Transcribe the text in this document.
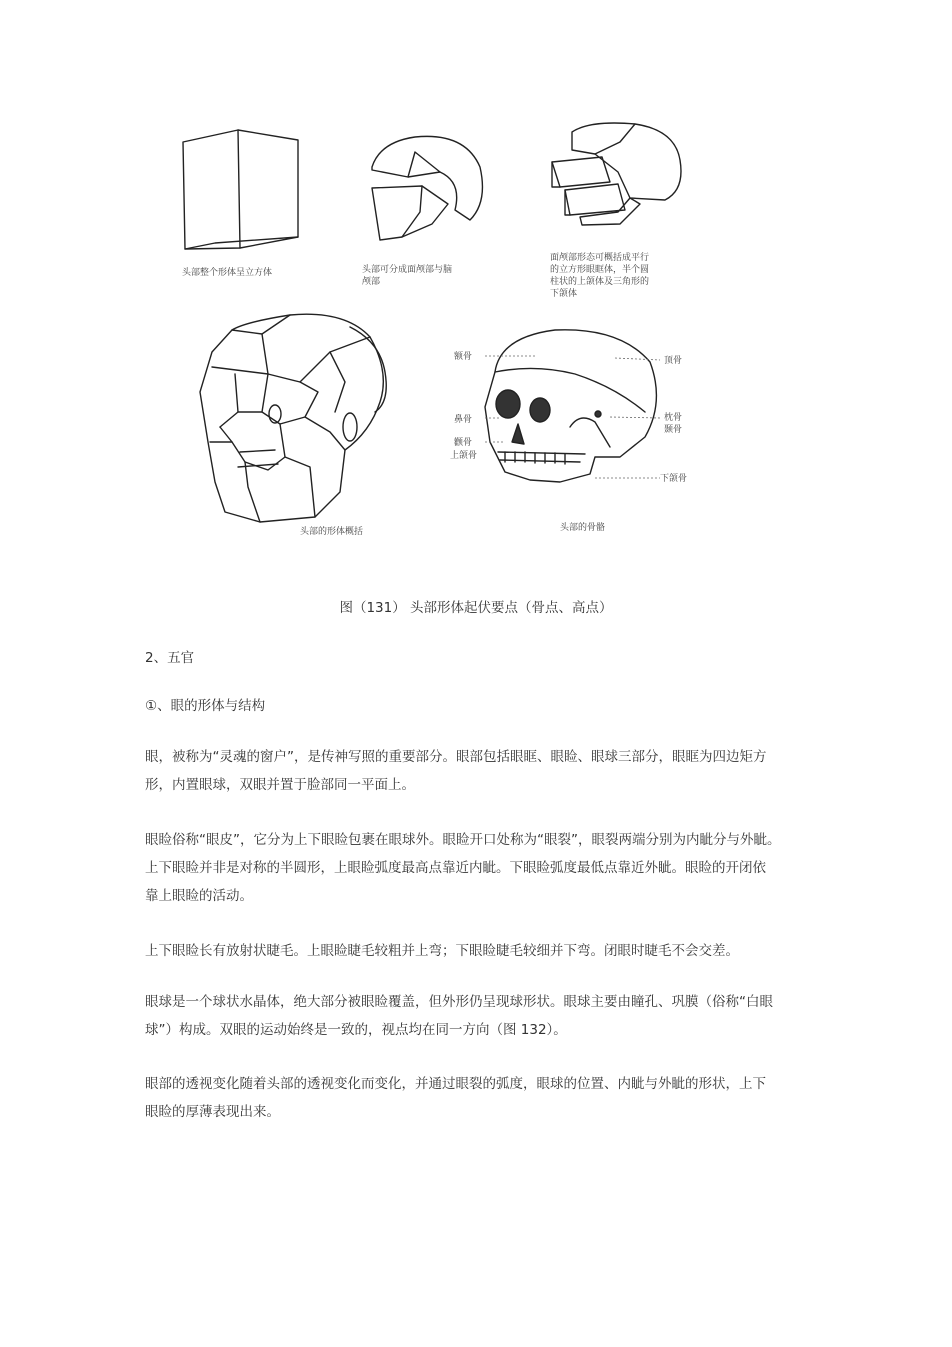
头部整个形体呈立方体	头部可分成面颅部与脑
颅部
面颅部形态可概括成平行
的立方形眼眶体，半个圆
柱状的上颌体及三角形的
下颌体
头部的形体概括	头部的骨骼
额骨
鼻骨
颧骨
上颌骨
顶骨
枕骨
颞骨
下颌骨
图（131） 头部形体起伏要点（骨点、高点）

2、五官

①、眼的形体与结构

眼，被称为“灵魂的窗户”，是传神写照的重要部分。眼部包括眼眶、眼睑、眼球三部分，眼眶为四边矩方
形，内置眼球，双眼并置于脸部同一平面上。

眼睑俗称“眼皮”，它分为上下眼睑包裹在眼球外。眼睑开口处称为“眼裂”，眼裂两端分别为内眦分与外眦。
上下眼睑并非是对称的半圆形，上眼睑弧度最高点靠近内眦。下眼睑弧度最低点靠近外眦。眼睑的开闭依
靠上眼睑的活动。

上下眼睑长有放射状睫毛。上眼睑睫毛较粗并上弯；下眼睑睫毛较细并下弯。闭眼时睫毛不会交差。

眼球是一个球状水晶体，绝大部分被眼睑覆盖，但外形仍呈现球形状。眼球主要由瞳孔、巩膜（俗称“白眼
球”）构成。双眼的运动始终是一致的，视点均在同一方向（图 132）。

眼部的透视变化随着头部的透视变化而变化，并通过眼裂的弧度，眼球的位置、内眦与外眦的形状，上下
眼睑的厚薄表现出来。
